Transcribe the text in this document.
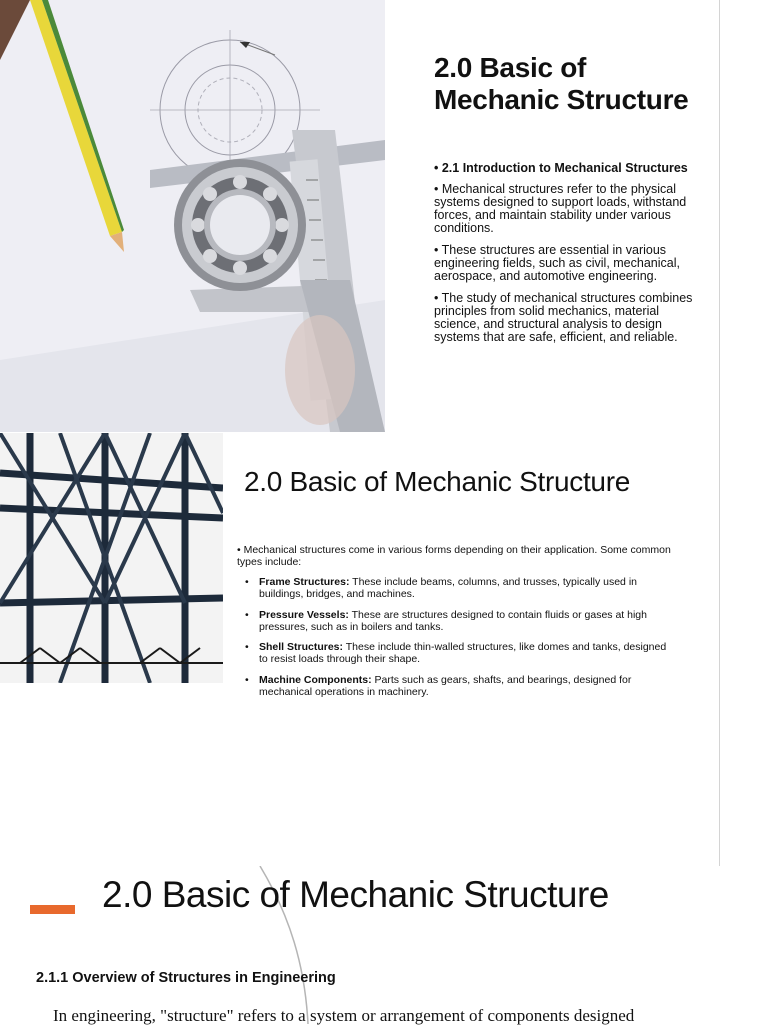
2.0 Basic of Mechanic Structure

• 2.1 Introduction to Mechanical Structures

• Mechanical structures refer to the physical systems designed to support loads, withstand forces, and maintain stability under various conditions.

• These structures are essential in various engineering fields, such as civil, mechanical, aerospace, and automotive engineering.

• The study of mechanical structures combines principles from solid mechanics, material science, and structural analysis to design systems that are safe, efficient, and reliable.

2.0 Basic of Mechanic Structure

• Mechanical structures come in various forms depending on their application. Some common types include:

• Frame Structures: These include beams, columns, and trusses, typically used in buildings, bridges, and machines.
• Pressure Vessels: These are structures designed to contain fluids or gases at high pressures, such as in boilers and tanks.
• Shell Structures: These include thin-walled structures, like domes and tanks, designed to resist loads through their shape.
• Machine Components: Parts such as gears, shafts, and bearings, designed for mechanical operations in machinery.
2.0 Basic of Mechanic Structure
2.1.1 Overview of Structures in Engineering
In engineering, "structure" refers to a system or arrangement of components designed
